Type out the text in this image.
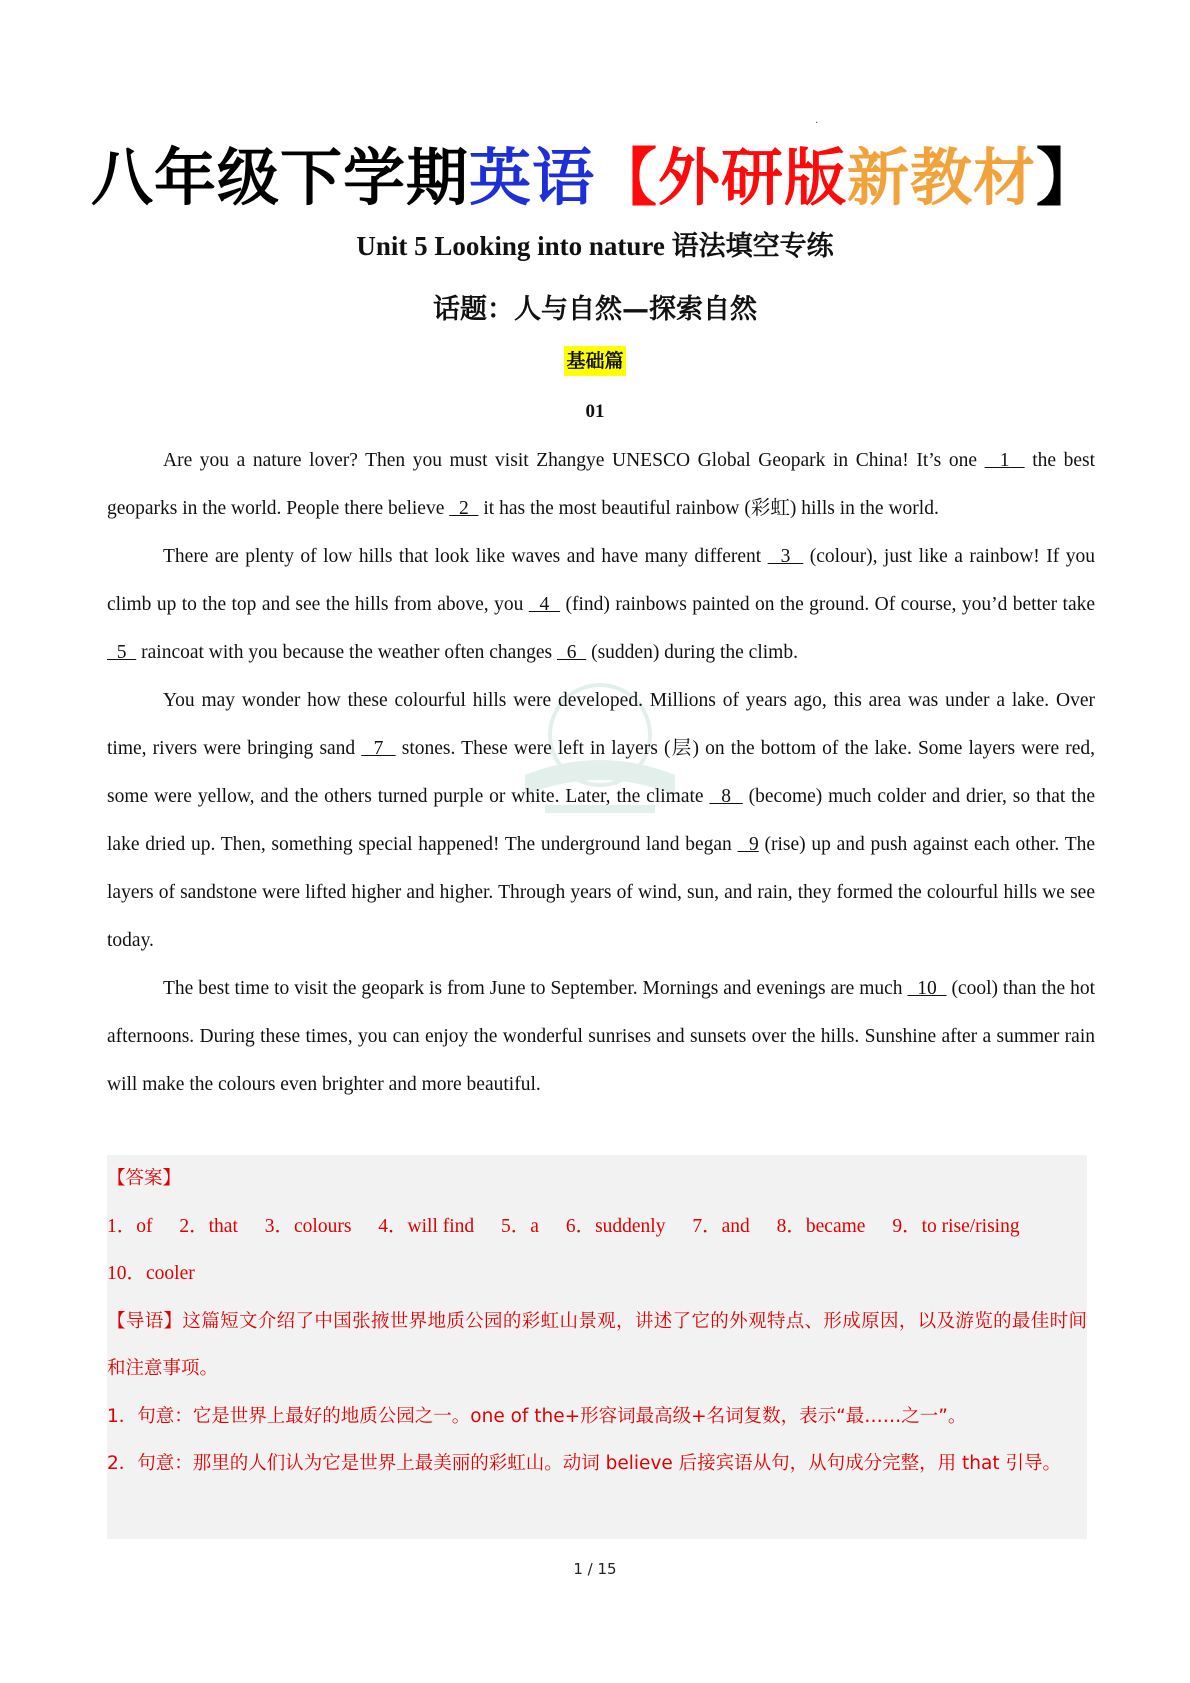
·
八年级下学期英语【外研版新教材】
Unit 5 Looking into nature 语法填空专练
话题：人与自然—探索自然
基础篇
01

Are you a nature lover? Then you must visit Zhangye UNESCO Global Geopark in China! It’s one   1   the best geoparks in the world. People there believe   2   it has the most beautiful rainbow (彩虹) hills in the world.

There are plenty of low hills that look like waves and have many different   3   (colour), just like a rainbow! If you climb up to the top and see the hills from above, you   4   (find) rainbows painted on the ground. Of course, you’d better take   5   raincoat with you because the weather often changes   6   (sudden) during the climb.

You may wonder how these colourful hills were developed. Millions of years ago, this area was under a lake. Over time, rivers were bringing sand   7   stones. These were left in layers (层) on the bottom of the lake. Some layers were red, some were yellow, and the others turned purple or white. Later, the climate   8   (become) much colder and drier, so that the lake dried up. Then, something special happened! The underground land began   9 (rise) up and push against each other. The layers of sandstone were lifted higher and higher. Through years of wind, sun, and rain, they formed the colourful hills we see today.

The best time to visit the geopark is from June to September. Mornings and evenings are much   10   (cool) than the hot afternoons. During these times, you can enjoy the wonderful sunrises and sunsets over the hills. Sunshine after a summer rain will make the colours even brighter and more beautiful.

【答案】
1．of 2．that 3．colours 4．will find 5．a 6．suddenly 7．and 8．became 9．to rise/rising
10．cooler
【导语】这篇短文介绍了中国张掖世界地质公园的彩虹山景观，讲述了它的外观特点、形成原因，以及游览的最佳时间和注意事项。
1．句意：它是世界上最好的地质公园之一。one of the+形容词最高级+名词复数，表示“最……之一”。
2．句意：那里的人们认为它是世界上最美丽的彩虹山。动词 believe 后接宾语从句，从句成分完整，用 that 引导。
1 / 15
